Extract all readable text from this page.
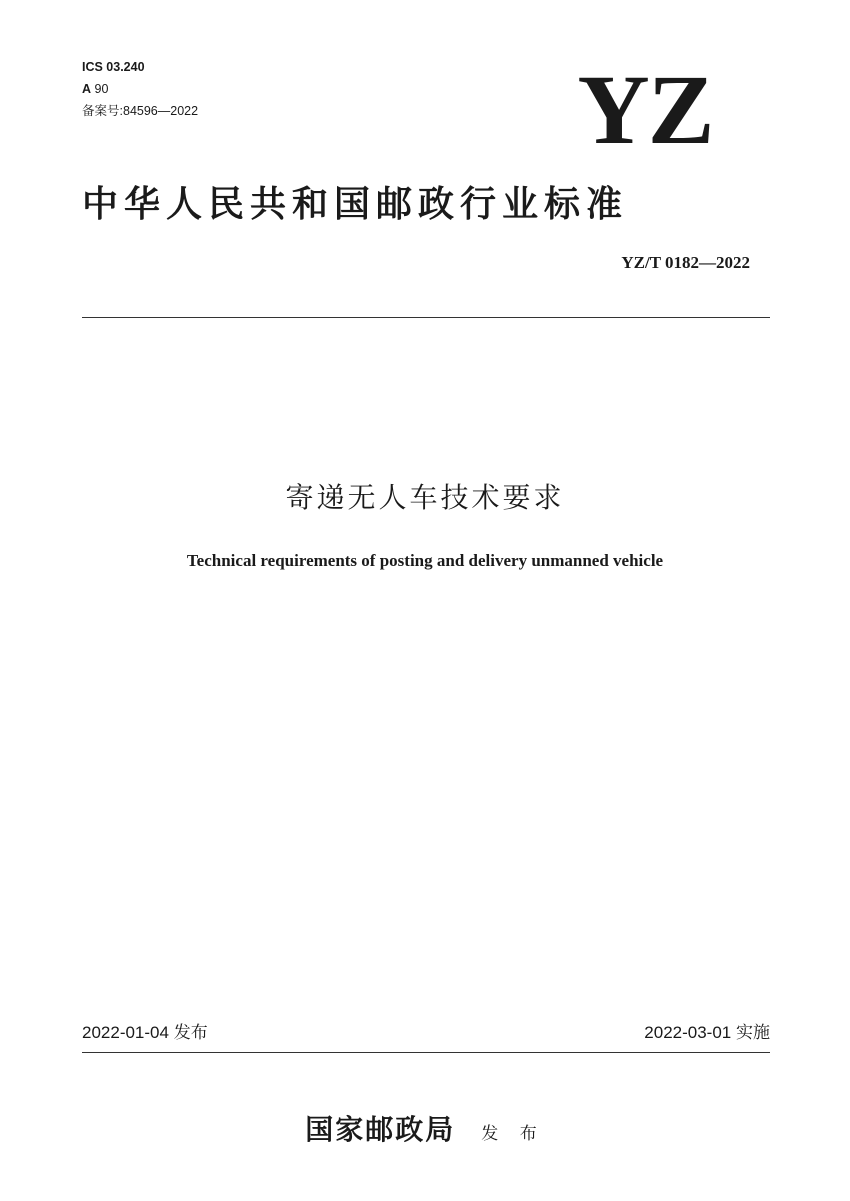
ICS 03.240
A 90
备案号:84596—2022	YZ
中华人民共和国邮政行业标准
YZ/T 0182—2022
寄递无人车技术要求
Technical requirements of posting and delivery unmanned vehicle
2022-01-04 发布	2022-03-01 实施
国家邮政局 发 布
